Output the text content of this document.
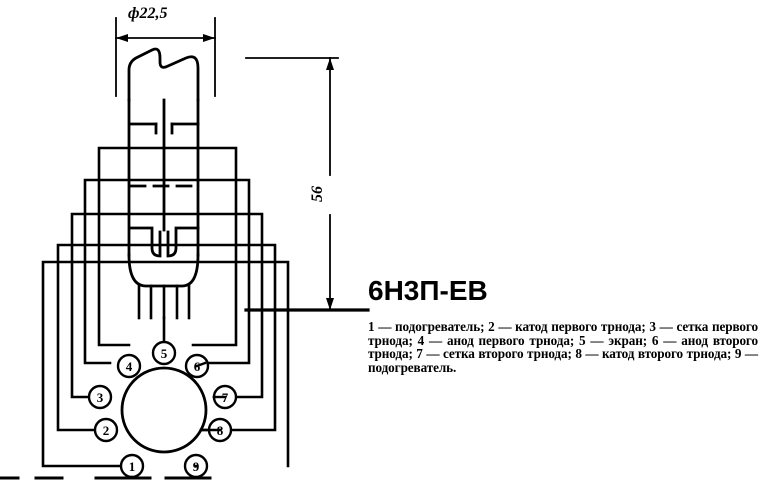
ф22,5
56
1
2
3
4
5
6
7
8
9
6Н3П-ЕВ
1 — подогреватель; 2 — катод первого трнода; 3 — сетка первого трнода; 4 — анод первого трнода; 5 — экран; 6 — анод второго трнода; 7 — сетка второго трнода; 8 — катод второго трнода; 9 — подогреватель.
